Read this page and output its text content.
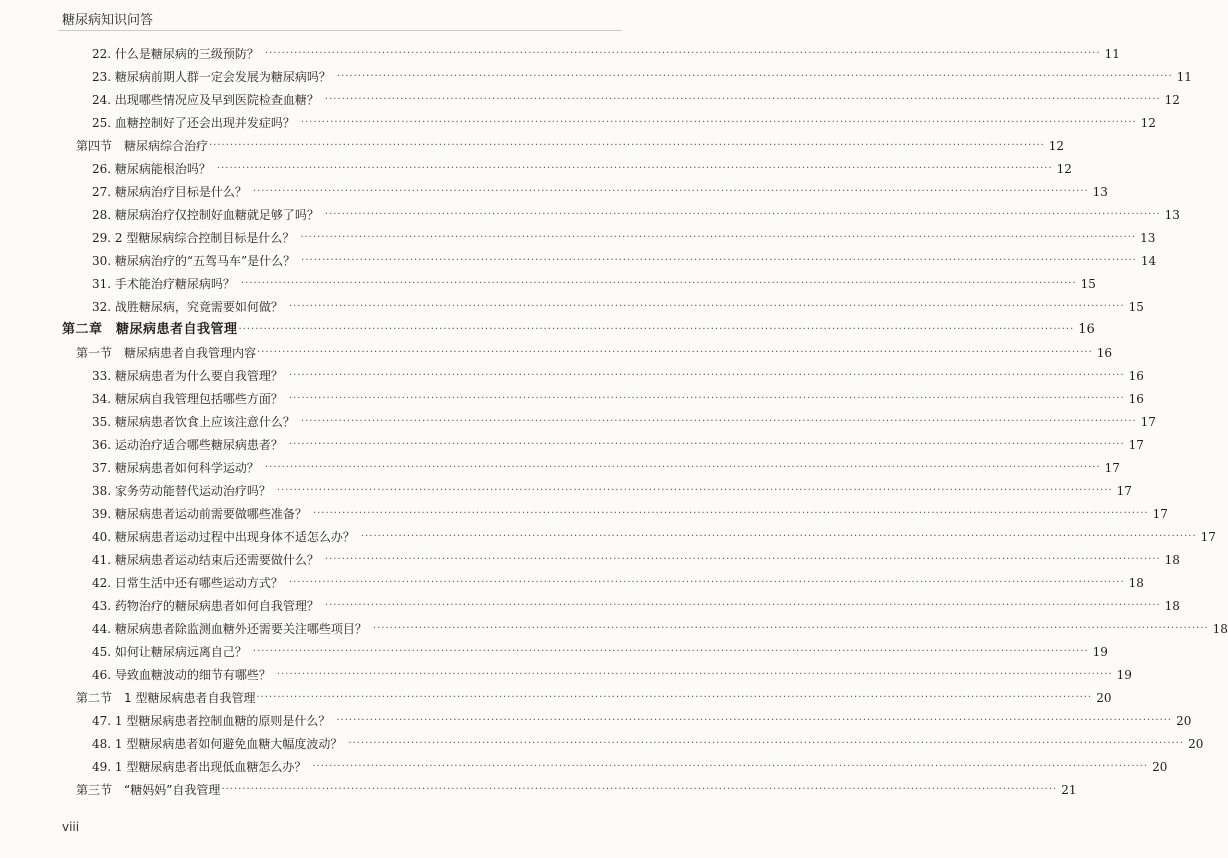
糖尿病知识问答
22. 什么是糖尿病的三级预防？ ········································································································································································································ 11
23. 糖尿病前期人群一定会发展为糖尿病吗？ ········································································································································································································ 11
24. 出现哪些情况应及早到医院检查血糖？ ········································································································································································································ 12
25. 血糖控制好了还会出现并发症吗？ ········································································································································································································ 12
第四节　糖尿病综合治疗 ········································································································································································································ 12
26. 糖尿病能根治吗？ ········································································································································································································ 12
27. 糖尿病治疗目标是什么？ ········································································································································································································ 13
28. 糖尿病治疗仅控制好血糖就足够了吗？ ········································································································································································································ 13
29. 2 型糖尿病综合控制目标是什么？ ········································································································································································································ 13
30. 糖尿病治疗的“五驾马车”是什么？ ········································································································································································································ 14
31. 手术能治疗糖尿病吗？ ········································································································································································································ 15
32. 战胜糖尿病，究竟需要如何做？ ········································································································································································································ 15
第二章　糖尿病患者自我管理 ········································································································································································································ 16
第一节　糖尿病患者自我管理内容 ········································································································································································································ 16
33. 糖尿病患者为什么要自我管理？ ········································································································································································································ 16
34. 糖尿病自我管理包括哪些方面？ ········································································································································································································ 16
35. 糖尿病患者饮食上应该注意什么？ ········································································································································································································ 17
36. 运动治疗适合哪些糖尿病患者？ ········································································································································································································ 17
37. 糖尿病患者如何科学运动？ ········································································································································································································ 17
38. 家务劳动能替代运动治疗吗？ ········································································································································································································ 17
39. 糖尿病患者运动前需要做哪些准备？ ········································································································································································································ 17
40. 糖尿病患者运动过程中出现身体不适怎么办？ ········································································································································································································ 17
41. 糖尿病患者运动结束后还需要做什么？ ········································································································································································································ 18
42. 日常生活中还有哪些运动方式？ ········································································································································································································ 18
43. 药物治疗的糖尿病患者如何自我管理？ ········································································································································································································ 18
44. 糖尿病患者除监测血糖外还需要关注哪些项目？ ········································································································································································································ 18
45. 如何让糖尿病远离自己？ ········································································································································································································ 19
46. 导致血糖波动的细节有哪些？ ········································································································································································································ 19
第二节　1 型糖尿病患者自我管理 ········································································································································································································ 20
47. 1 型糖尿病患者控制血糖的原则是什么？ ········································································································································································································ 20
48. 1 型糖尿病患者如何避免血糖大幅度波动？ ········································································································································································································ 20
49. 1 型糖尿病患者出现低血糖怎么办？ ········································································································································································································ 20
第三节　“糖妈妈”自我管理 ········································································································································································································ 21
viii
